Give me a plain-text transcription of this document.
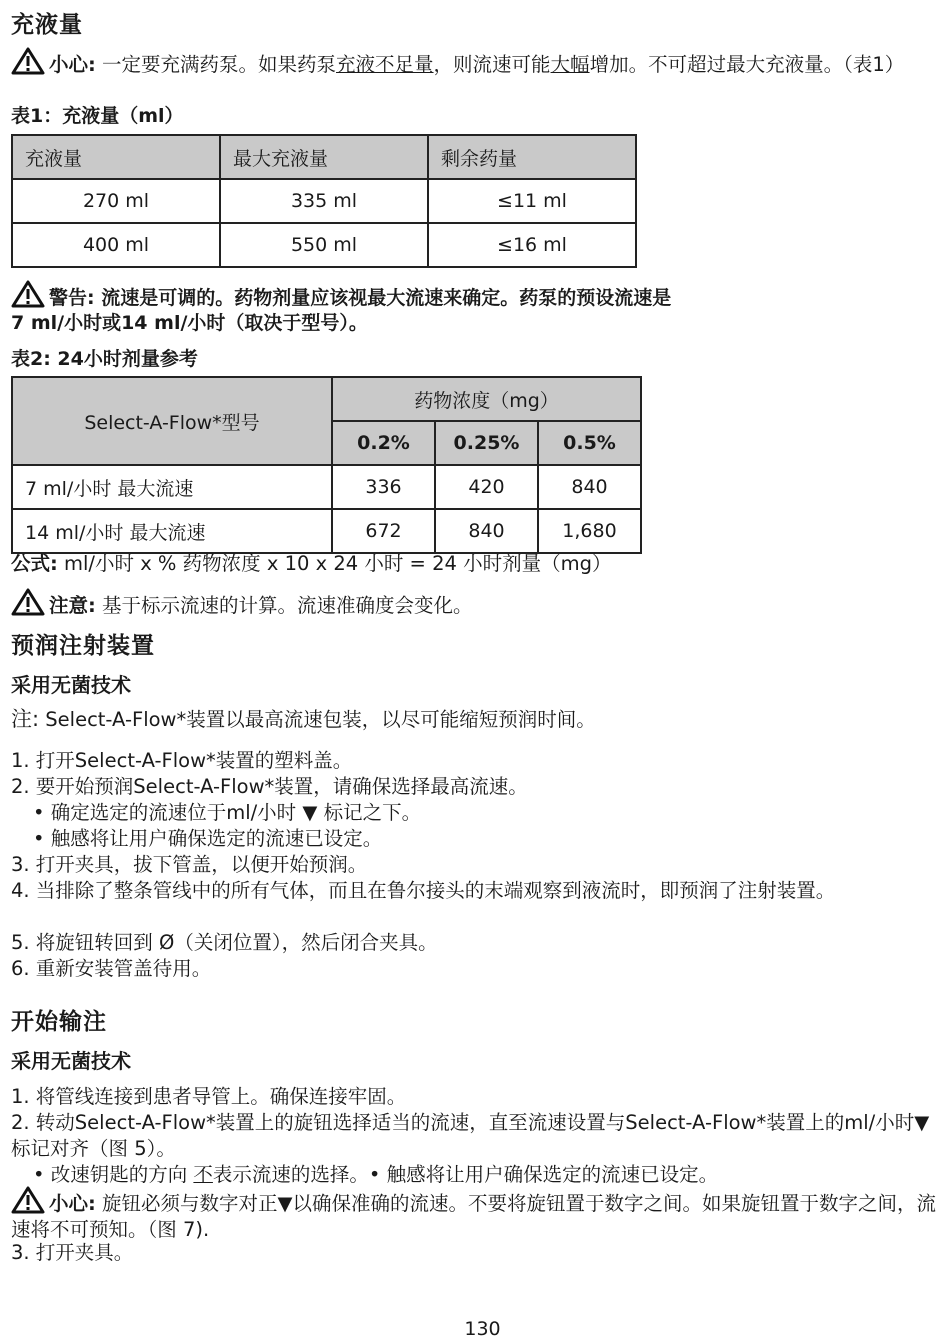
充液量
小心: 一定要充满药泵。如果药泵充液不足量，则流速可能大幅增加。不可超过最大充液量。（表1）
表1：充液量（ml）
充液量	最大充液量	剩余药量
270 ml	335 ml	≤11 ml
400 ml	550 ml	≤16 ml
警告: 流速是可调的。药物剂量应该视最大流速来确定。药泵的预设流速是
7 ml/小时或14 ml/小时（取决于型号）。
表2: 24小时剂量参考
Select-A-Flow*型号	药物浓度（mg）		
	0.2%	0.25%	0.5%
7 ml/小时 最大流速	336	420	840
14 ml/小时 最大流速	672	840	1,680
公式: ml/小时 x % 药物浓度 x 10 x 24 小时 = 24 小时剂量（mg）
注意: 基于标示流速的计算。流速准确度会变化。
预润注射装置
采用无菌技术
注: Select-A-Flow*装置以最高流速包装，以尽可能缩短预润时间。
1. 打开Select-A-Flow*装置的塑料盖。
2. 要开始预润Select-A-Flow*装置，请确保选择最高流速。
• 确定选定的流速位于ml/小时 ▼ 标记之下。
• 触感将让用户确保选定的流速已设定。
3. 打开夹具，拔下管盖，以便开始预润。
4. 当排除了整条管线中的所有气体，而且在鲁尔接头的末端观察到液流时，即预润了注射装置。
5. 将旋钮转回到 Ø（关闭位置），然后闭合夹具。
6. 重新安装管盖待用。
开始输注
采用无菌技术
1. 将管线连接到患者导管上。确保连接牢固。
2. 转动Select-A-Flow*装置上的旋钮选择适当的流速，直至流速设置与Select-A-Flow*装置上的ml/小时▼标记对齐（图 5）。
• 改速钥匙的方向 不表示流速的选择。• 触感将让用户确保选定的流速已设定。
小心: 旋钮必须与数字对正▼以确保准确的流速。不要将旋钮置于数字之间。如果旋钮置于数字之间，流速将不可预知。（图 7).
3. 打开夹具。
130
